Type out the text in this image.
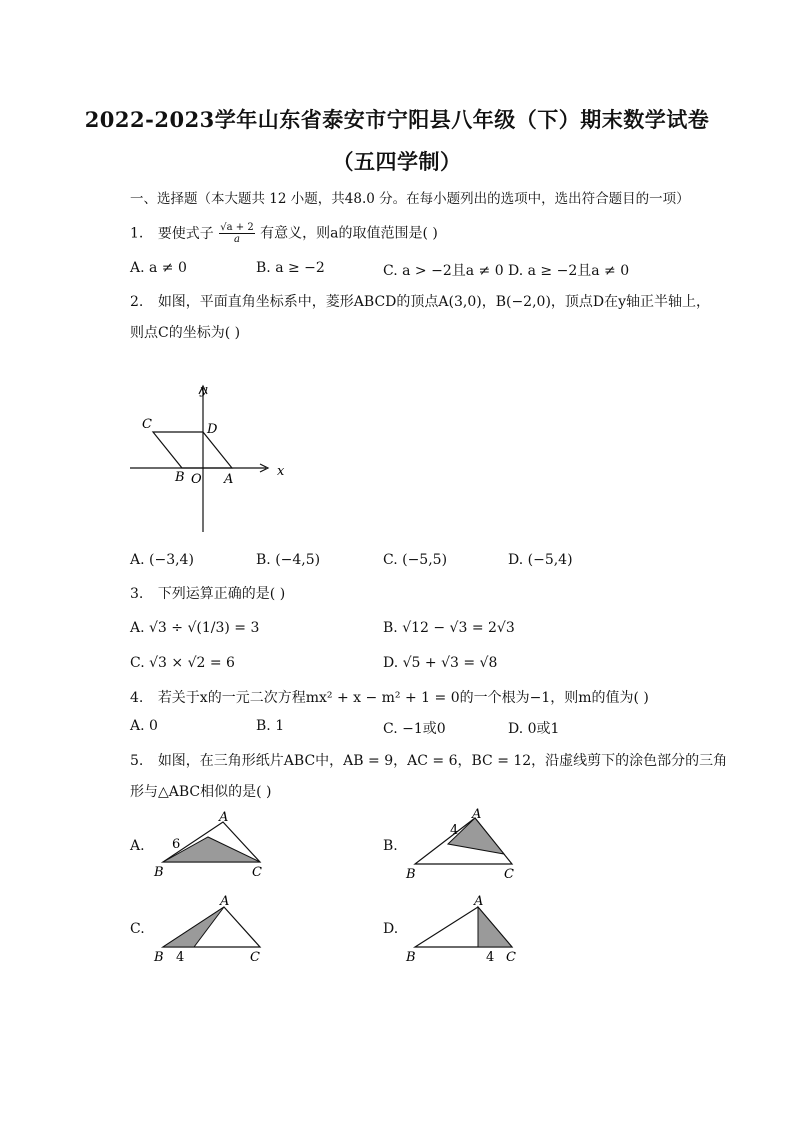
2022-2023学年山东省泰安市宁阳县八年级（下）期末数学试卷
（五四学制）
一、选择题（本大题共 12 小题，共48.0 分。在每小题列出的选项中，选出符合题目的一项）
1. 要使式子 $\frac{√a + 2}{a}$ 有意义，则a的取值范围是( )
A. a ≠ 0	B. a ≥ −2	C. a > −2且a ≠ 0 D. a ≥ −2且a ≠ 0
2. 如图，平面直角坐标系中，菱形ABCD的顶点A(3,0)，B(−2,0)，顶点D在y轴正半轴上，
则点C的坐标为( )
y
x
C	D
B O A
A. (−3,4)	B. (−4,5)	C. (−5,5)	D. (−5,4)
3. 下列运算正确的是( )
A. √3 ÷ √(1/3) = 3	B. √12 − √3 = 2√3
C. √3 × √2 = 6	D. √5 + √3 = √8
4. 若关于x的一元二次方程mx² + x − m² + 1 = 0的一个根为−1，则m的值为( )
A. 0	B. 1	C. −1或0	D. 0或1
5. 如图，在三角形纸片ABC中，AB = 9，AC = 6，BC = 12，沿虚线剪下的涂色部分的三角
形与△ABC相似的是( )
A.	B.
C.	D.
A
B	C
6
A
B	C
4
A
B	C
4
A
B	C
4
